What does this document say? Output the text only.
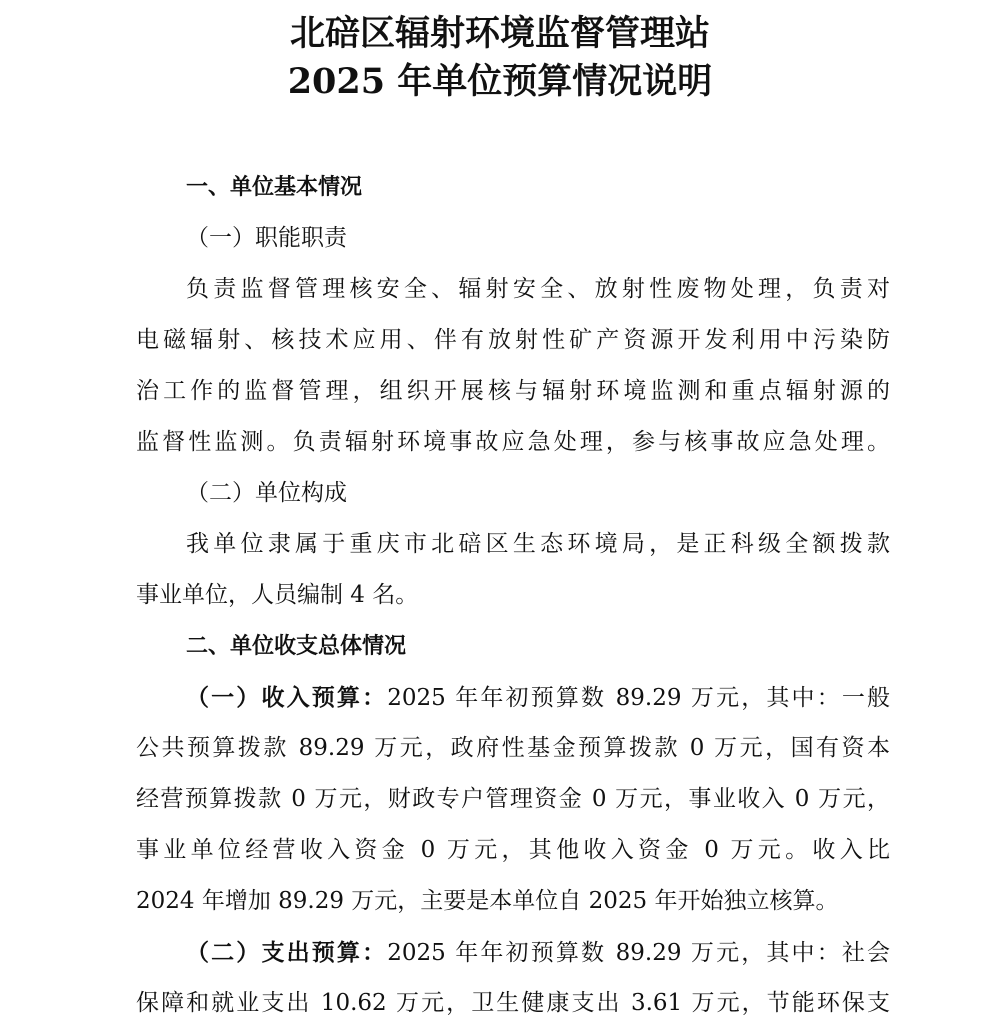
北碚区辐射环境监督管理站
2025 年单位预算情况说明
一、单位基本情况
（一）职能职责
负责监督管理核安全、辐射安全、放射性废物处理，负责对
电磁辐射、核技术应用、伴有放射性矿产资源开发利用中污染防
治工作的监督管理，组织开展核与辐射环境监测和重点辐射源的
监督性监测。负责辐射环境事故应急处理，参与核事故应急处理。
（二）单位构成
我单位隶属于重庆市北碚区生态环境局，是正科级全额拨款
事业单位，人员编制 4 名。
二、单位收支总体情况
（一）收入预算：2025 年年初预算数 89.29 万元，其中：一般
公共预算拨款 89.29 万元，政府性基金预算拨款 0 万元，国有资本
经营预算拨款 0 万元，财政专户管理资金 0 万元，事业收入 0 万元，
事业单位经营收入资金 0 万元，其他收入资金 0 万元。收入比
2024 年增加 89.29 万元，主要是本单位自 2025 年开始独立核算。
（二）支出预算：2025 年年初预算数 89.29 万元，其中：社会
保障和就业支出 10.62 万元，卫生健康支出 3.61 万元，节能环保支
